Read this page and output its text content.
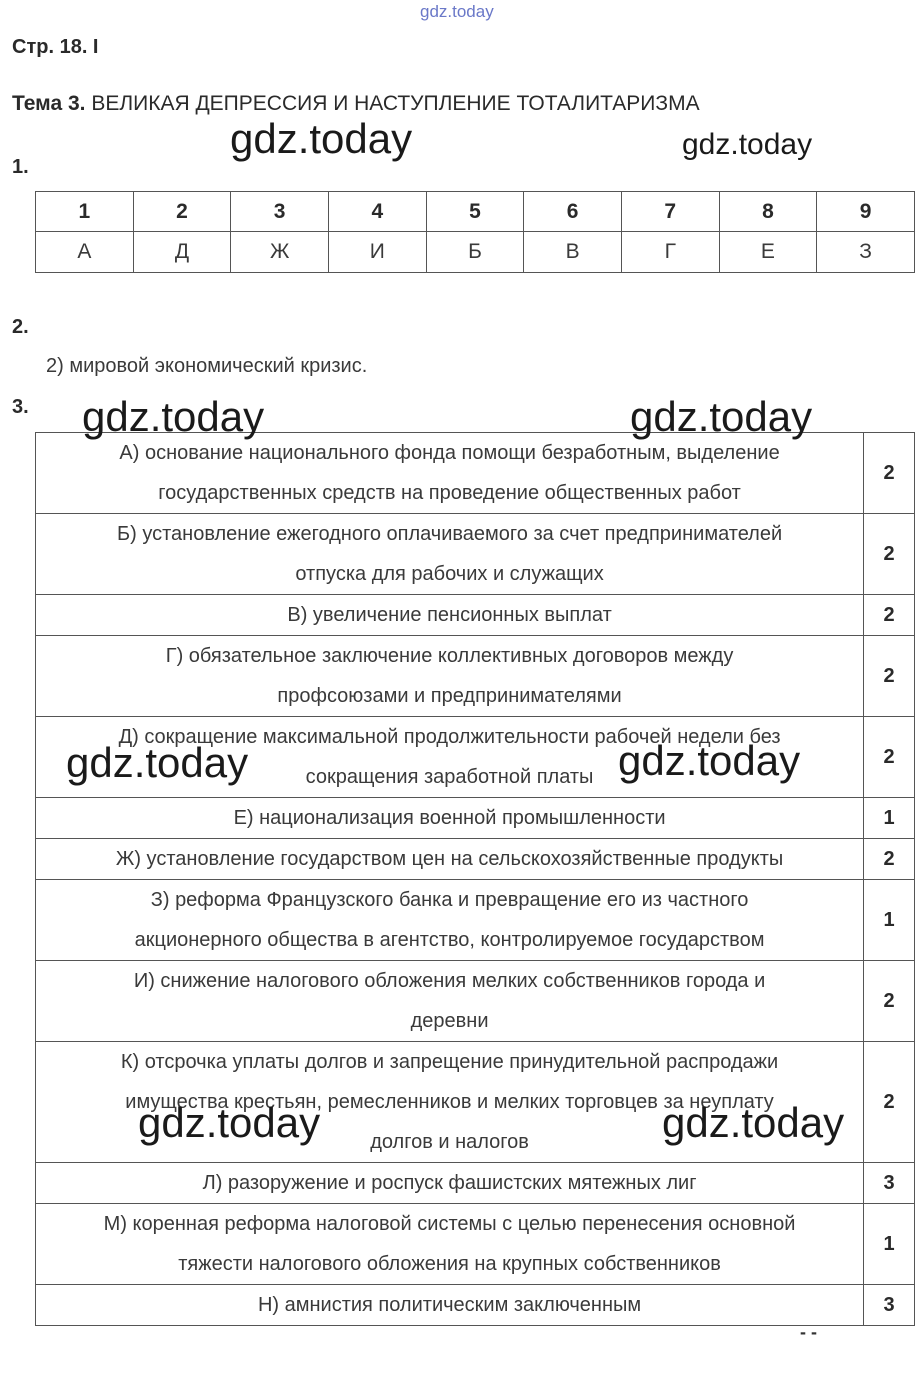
gdz.today
Стр. 18. I
Тема 3. ВЕЛИКАЯ ДЕПРЕССИЯ И НАСТУПЛЕНИЕ ТОТАЛИТАРИЗМА
gdz.today	gdz.today
1.
1	2	3	4	5	6	7	8	9
А	Д	Ж	И	Б	В	Г	Е	З
2.
2) мировой экономический кризис.
3.
А) основание национального фонда помощи безработным, выделение
государственных средств на проведение общественных работ	2

Б) установление ежегодного оплачиваемого за счет предпринимателей
отпуска для рабочих и служащих	2

В) увеличение пенсионных выплат	2

Г) обязательное заключение коллективных договоров между
профсоюзами и предпринимателями	2

Д) сокращение максимальной продолжительности рабочей недели без
сокращения заработной платы	2

Е) национализация военной промышленности	1

Ж) установление государством цен на сельскохозяйственные продукты	2

З) реформа Французского банка и превращение его из частного
акционерного общества в агентство, контролируемое государством	1

И) снижение налогового обложения мелких собственников города и
деревни	2

К) отсрочка уплаты долгов и запрещение принудительной распродажи
имущества крестьян, ремесленников и мелких торговцев за неуплату
долгов и налогов	2

Л) разоружение и роспуск фашистских мятежных лиг	3

М) коренная реформа налоговой системы с целью перенесения основной
тяжести налогового обложения на крупных собственников	1

Н) амнистия политическим заключенным	3
gdz.today	gdz.today
gdz.today	gdz.today
gdz.today	gdz.today
- -
